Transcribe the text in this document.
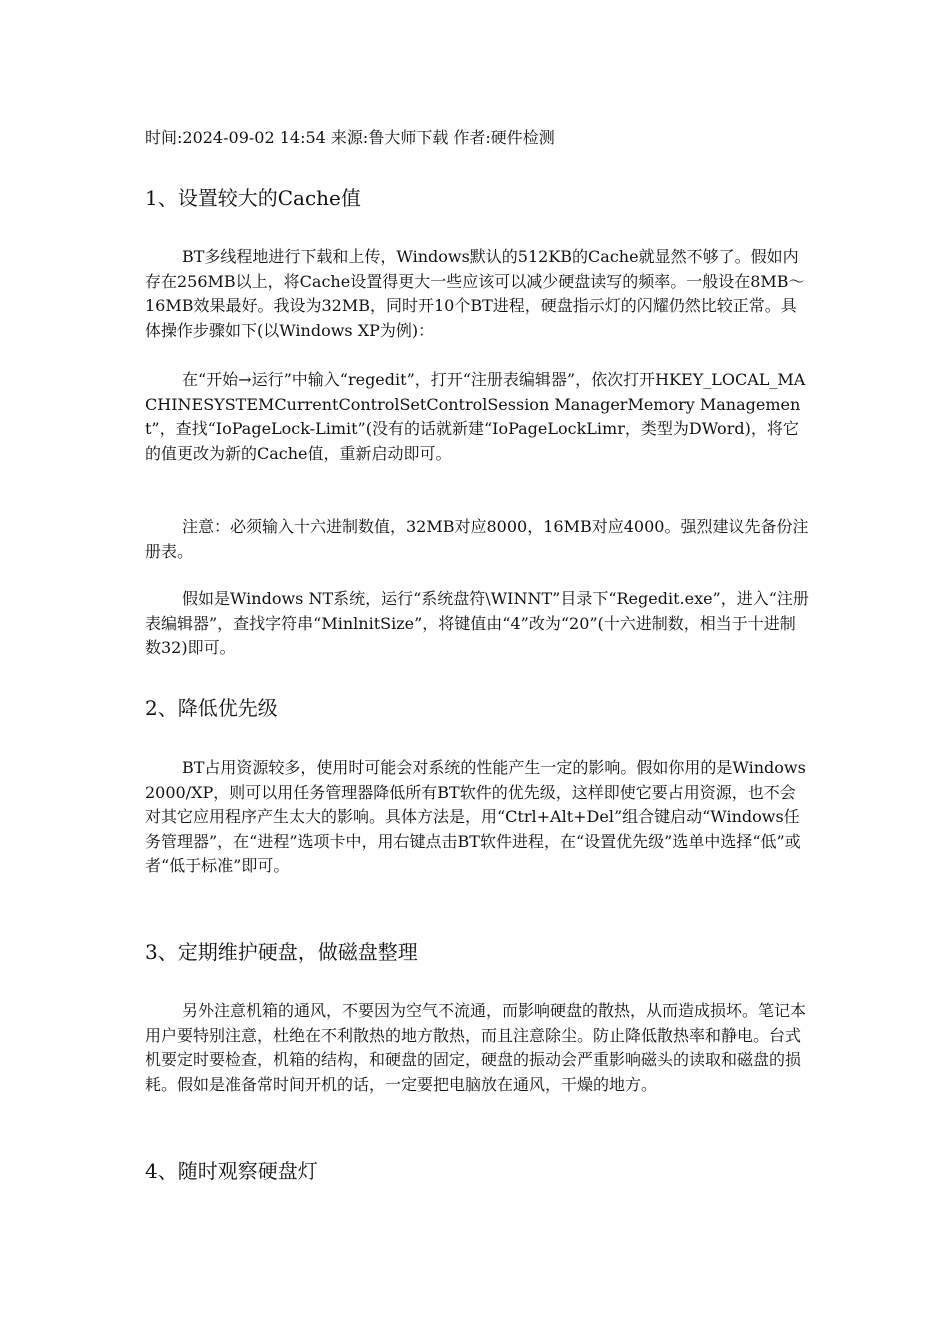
时间:2024-09-02 14:54 来源:鲁大师下载 作者:硬件检测
1、设置较大的Cache值
BT多线程地进行下载和上传，Windows默认的512KB的Cache就显然不够了。假如内存在256MB以上，将Cache设置得更大一些应该可以减少硬盘读写的频率。一般设在8MB～16MB效果最好。我设为32MB，同时开10个BT进程，硬盘指示灯的闪耀仍然比较正常。具体操作步骤如下(以Windows XP为例)：
在“开始→运行”中输入“regedit”，打开“注册表编辑器”，依次打开HKEY_LOCAL_MACHINESYSTEMCurrentControlSetControlSession ManagerMemory Management”，查找“IoPageLock-Limit”(没有的话就新建“IoPageLockLimr，类型为DWord)，将它的值更改为新的Cache值，重新启动即可。
注意：必须输入十六进制数值，32MB对应8000，16MB对应4000。强烈建议先备份注册表。
假如是Windows NT系统，运行“系统盘符\WINNT”目录下“Regedit.exe”，进入“注册表编辑器”，查找字符串“MinlnitSize”，将键值由“4”改为“20”(十六进制数，相当于十进制数32)即可。
2、降低优先级
BT占用资源较多，使用时可能会对系统的性能产生一定的影响。假如你用的是Windows 2000/XP，则可以用任务管理器降低所有BT软件的优先级，这样即使它要占用资源，也不会对其它应用程序产生太大的影响。具体方法是，用“Ctrl+Alt+Del”组合键启动“Windows任务管理器”，在“进程”选项卡中，用右键点击BT软件进程，在“设置优先级”选单中选择“低”或者“低于标准”即可。
3、定期维护硬盘，做磁盘整理
另外注意机箱的通风，不要因为空气不流通，而影响硬盘的散热，从而造成损坏。笔记本用户要特别注意，杜绝在不利散热的地方散热，而且注意除尘。防止降低散热率和静电。台式机要定时要检查，机箱的结构，和硬盘的固定，硬盘的振动会严重影响磁头的读取和磁盘的损耗。假如是准备常时间开机的话，一定要把电脑放在通风，干燥的地方。
4、随时观察硬盘灯
